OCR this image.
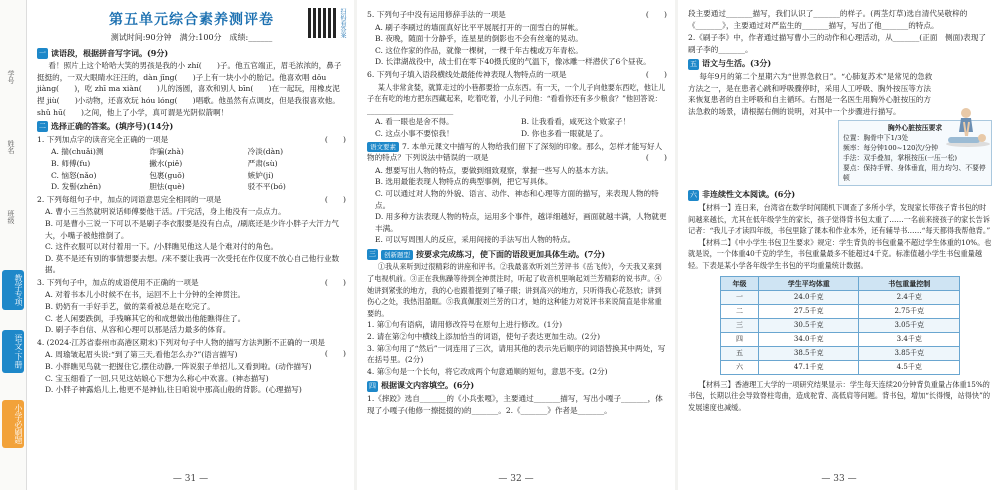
学号
姓名
班级
教学专项
语文·下册
小学必刷题
扫码看答案
第五单元综合素养测评卷
测试时间:90分钟　满分:100分　成绩:______
一 读语段，根据拼音写字词。(9分)

看！照片上这个哈哈大笑的男孩是我的小 zhí(　　)子。他五官端正，眉毛浓浓的，鼻子挺挺的，一双大眼睛水汪汪的，dàn jīng(　　)子上有一块小小的胎记。他喜欢唱 dǒu jiàng(　　)，吃 zhī ma xiàn(　　)儿的汤圆，喜欢和别人 bīn(　　)在一起玩，用橡皮泥捏 jiù(　　)小动物，还喜欢玩 hóu lóng(　　)唱歌。他虽然有点调皮，但是我很喜欢他。shǔ hū(　　)之间，他上了小学，真可谓是光阴似箭啊！

二 选择正确的答案。(填序号)(14分)

1. 下列加点字的读音完全正确的一项是	(　　)

A. 揣(chuǎi)测	诈骗(zhà)	冷淡(dàn)
B. 师傅(fu)	撇水(piě)	严肃(sù)
C. 恼怒(nǎo)	包裹(guǒ)	嫉妒(jí)
D. 发髻(zhěn)	胆怯(què)	驳不平(bó)

2. 下列每组句子中，加点的词语意思完全相同的一项是	(　　)

A. 曹小三当然就明说话师傅要他干活。/干完活，身上他没有一点点力。

B. 可是曹小三说一下可以不是刷子李衣服要是没有白点，/刷底还是少许小胖子大汗力气大，小嘴子被他推倒了。

C. 这件衣服可以对付着用一下。/小胖瞧见他这人是个难对付的角色。

D. 莫不是还有别的事情想要去想。/来不要让我再一次受托在作仅度不放心自己他行业数据。

3. 下列句子中，加点的成语使用不正确的一项是	(　　)

A. 对着书本儿小时候不在书，运回不上十分钟的全神贯注。

B. 奶奶有一手好手艺，做的菜肴被总是在吃完了。

C. 老人闲要跌倒，手残嘛其它的和成想做出他能瞧得住了。

D. 刷子李自信、从容和心理可以那是活力最多的体育。

4. (2024·江苏省泰州市高港区期末)下列对句子中人物的描写方法判断不正确的一项是
(　　)

A. 周瑜皱起眉头说:“到了第三天,看他怎么办?”(语言描写)

B. 小胖瞧见鸟就一把握住它,摆住动静,一阵说狠子单招儿,又看到啦。(动作描写)

C. 宝玉细看了一回,只见这姑娘心下想为么称心中欢喜。(神态描写)

D. 小胖子神露焰儿上,他更不是神仙,往日咱说中那高山般的背影。(心理描写)

— 31 —

5. 下列句子中没有运用修辞手法的一项是	(　　)

A. 刷子李刷过的墙面真好比平平展展打开的一面雪白的屏帐。

B. 夜晚，随面十分静乎，连星星的倒影也不会有丝毫的晃动。

C. 这位作家的作品，就像一棵树，一棵千年古槐或万年青松。

D. 长津湖战役中，战士们在零下40摄氏度的气温下，像冰雕一样潜伏了6个昼夜。

6. 下列句子填入语段横线处最能传神表现人物特点的一项是	(　　)

某人非常贪婪，就算走过的小巷都要拾一点东西。有一天，一个儿子向他要东西吃，他让儿子在有吃的地方把东西藏起来，吃着吃着，小儿子问他：“看看你还有多少粮食？”他回答说：________________________

A. 看一眼也是舍不得。	B. 让我看看，咸死这个败家子！
C. 这点小事不要惊我！	D. 你也多看一眼就是了。

语文要素 7. 本单元课文中描写的人物给我们留下了深刻的印象。那么，怎样才能写好人物的特点？下列说法中错误的一项是	(　　)

A. 想要写出人物的特点，要做到细致观察，掌握一些写人的基本方法。

B. 选用最能表现人物特点的典型事例，把它写具体。

C. 可以通过对人物的外貌、语言、动作、神态和心理等方面的描写，来表现人物的特点。

D. 用多种方法表现人物的特点，运用多个事件，越详细越好，画面就越丰满，人物就更丰满。

E. 可以写周围人的反应，采用间接的手法写出人物的特点。

三	创新题型 按要求完成练习，使下面的语段更加具体生动。(7分)

①我从来听到过很精彩的讲座和评书。②我最喜欢听刘兰芳评书《岳飞传》，今天我又来到了电视机前。③正在我焦躁等待到全神贯注时，听起了收音机里响起刘兰芳精彩的说书声。④她讲到紧张的地方，我的心也跟着提到了嗓子眼；讲到高兴的地方，只听得我心花怒放；讲到伤心之处，我热泪盈眶。⑤我真佩服刘兰芳的口才，她的这种能力对说评书来说简直是非常重要的。

1. 第①句有语病，请用修改符号在原句上进行修改。(1分)

2. 请在第②句中横线上添加恰当的词语，使句子表达更加生动。(2分)

3. 第③句用了“然后”一词连用了三次，请用其他的表示先后顺序的词语替换其中两处，写在括号里。(2分)

4. 第⑤句是一个长句，将它改成两个句意通顺的短句，意思不变。(2分)

四 根据课文内容填空。(6分)

1.《摔跤》选自_______的《小兵张嘎》，主要通过_______描写，写出小嘎子_______，体现了小嘎子(他修一擦挺掇的)的_______。2.《_______》作者是_______。

— 32 —

段主要通过_______描写，我们认识了_______的样子。(两茎灯草)选自清代吴敬梓的《_______》，主要通过对严监生的_______描写，写出了他_______的特点。

2.《刷子李》中，作者通过描写曹小三的动作和心理活动，从_______(正面　侧面)表现了刷子李的_______。

五 语文与生活。(3分)

每年9月的第二个星期六为“世界急救日”。“心肺复苏术”是常见的急救方法之一，是在患者心跳和呼吸骤停时，采用人工呼吸、胸外按压等方法来恢复患者的自主呼吸和自主循环。右图是一名医生用胸外心脏按压的方法急救的场景，请根据右侧的说明，对其中一个步骤进行描写。

胸外心脏按压要求

位置：胸骨中下1/3处

频率：每分钟100~120次/分钟

手法：双手叠加，掌根按压(一压一松)

要点：保持手臂、身体垂直，用力均匀、不要停顿

六 非连续性文本阅读。(6分)

【材料一】连日来，台湾省在数学时间随机下调查了多所小学，发现家长带孩子背书包的时间越来越长，尤其在低年级学生的家长，孩子觉得背书包太重了……一名前来接孩子的家长告诉记者：“我儿子才读四年级，书包里除了课本和作业本外，还有辅导书……“每天都得我帮他背。”

【材料二】《中小学生书包卫生要求》规定：学生背负的书包重量不超过学生体重的10%。也就是说，一个体重40千克的学生，书包重量最多不能超过4千克。标准值越小学生书包重量越轻。下表是某小学各年级学生书包的平均重量统计数据。

年级	学生平均体重	书包重量控制
一	24.0千克	2.4千克
二	27.5千克	2.75千克
三	30.5千克	3.05千克
四	34.0千克	3.4千克
五	38.5千克	3.85千克
六	47.1千克	4.5千克

【材料三】香港理工大学的一项研究结果显示：学生每天连续20分钟背负重量占体重15%的书包，长期以往会导致脊柱弯曲，造成驼背、高低肩等问题。背书包，增加“长得慢，站得快”的发展速度也减缓。

— 33 —
